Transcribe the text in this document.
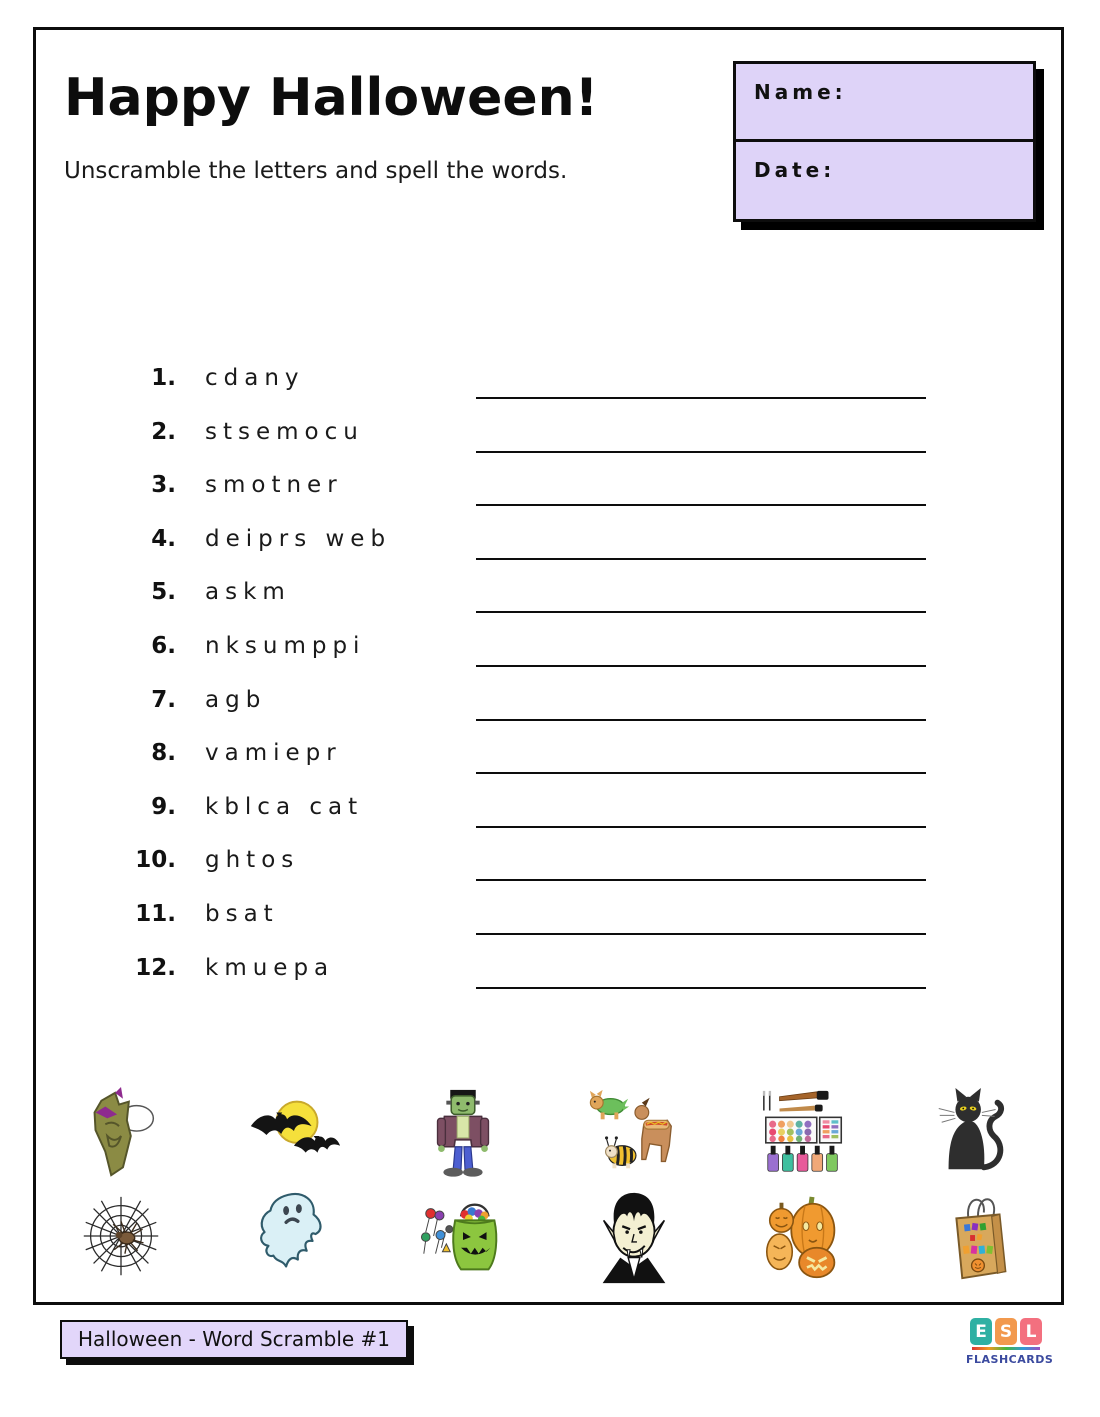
Happy Halloween!
Unscramble the letters and spell the words.
Name:
Date:
1. cdany
2. stsemocu
3. smotner
4. deiprs web
5. askm
6. nksumppi
7. agb
8. vamiepr
9. kblca cat
10. ghtos
11. bsat
12. kmuepa
Halloween - Word Scramble #1	E S L
FLASHCARDS
